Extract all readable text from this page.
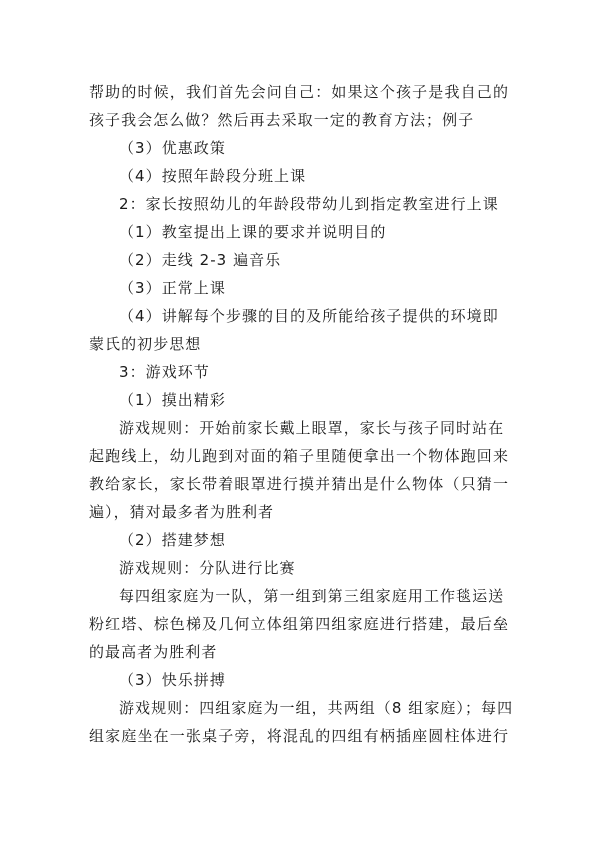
帮助的时候，我们首先会问自己：如果这个孩子是我自己的
孩子我会怎么做？然后再去采取一定的教育方法；例子
（3）优惠政策
（4）按照年龄段分班上课
2：家长按照幼儿的年龄段带幼儿到指定教室进行上课
（1）教室提出上课的要求并说明目的
（2）走线 2-3 遍音乐
（3）正常上课
（4）讲解每个步骤的目的及所能给孩子提供的环境即
蒙氏的初步思想
3：游戏环节
（1）摸出精彩
游戏规则：开始前家长戴上眼罩，家长与孩子同时站在
起跑线上，幼儿跑到对面的箱子里随便拿出一个物体跑回来
教给家长，家长带着眼罩进行摸并猜出是什么物体（只猜一
遍），猜对最多者为胜利者
（2）搭建梦想
游戏规则：分队进行比赛
每四组家庭为一队，第一组到第三组家庭用工作毯运送
粉红塔、棕色梯及几何立体组第四组家庭进行搭建，最后垒
的最高者为胜利者
（3）快乐拼搏
游戏规则：四组家庭为一组，共两组（8 组家庭）；每四
组家庭坐在一张桌子旁，将混乱的四组有柄插座圆柱体进行
